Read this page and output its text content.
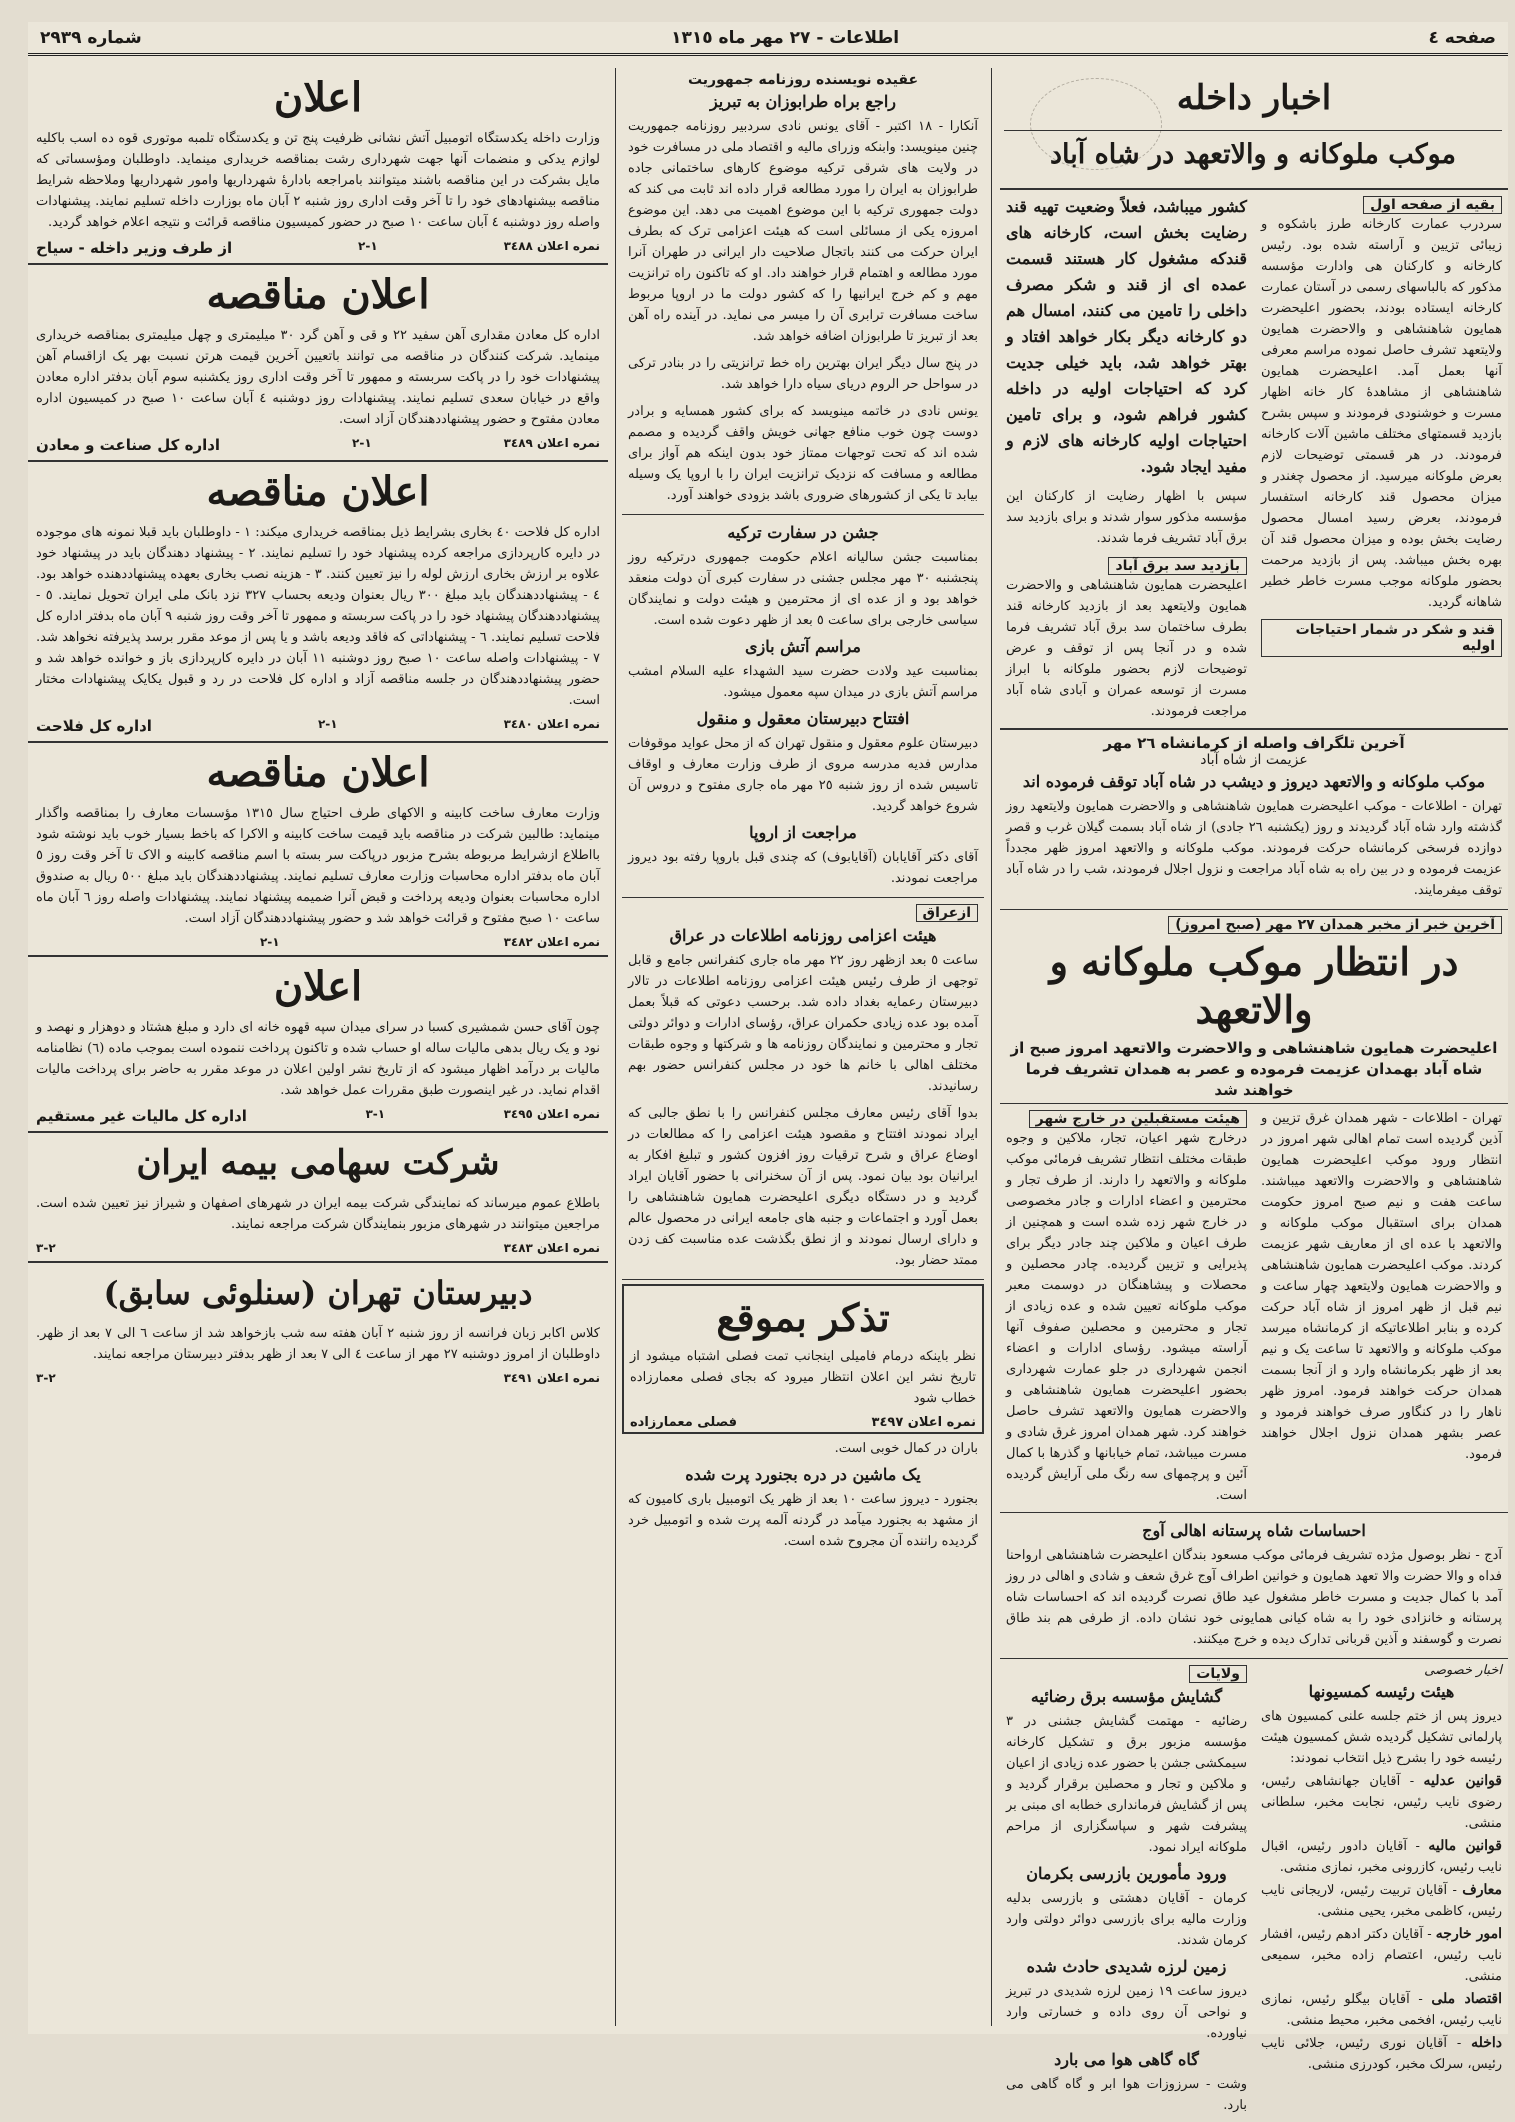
صفحه ٤
اطلاعات - ٢٧ مهر ماه ١٣١٥
شماره ٢٩٣٩
اخبار داخله
موکب ملوکانه و والاتعهد در شاه آباد
بقیه از صفحه اول

سردرب عمارت کارخانه طرز باشکوه و زیبائی تزیین و آراسته شده بود. رئیس کارخانه و کارکنان هی وادارت مؤسسه مذکور که بالباسهای رسمی در آستان عمارت کارخانه ایستاده بودند، بحضور اعلیحضرت همایون شاهنشاهی و والاحضرت همایون ولایتعهد تشرف حاصل نموده مراسم معرفی آنها بعمل آمد. اعلیحضرت همایون شاهنشاهی از مشاهدهٔ کار خانه اظهار مسرت و خوشنودی فرمودند و سپس بشرح بازدید قسمتهای مختلف ماشین آلات کارخانه فرمودند. در هر قسمتی توضیحات لازم بعرض ملوکانه میرسید. از محصول چغندر و میزان محصول قند کارخانه استفسار فرمودند، بعرض رسید امسال محصول رضایت بخش بوده و میزان محصول قند آن بهره بخش میباشد. پس از بازدید مرحمت بحضور ملوکانه موجب مسرت خاطر خطیر شاهانه گردید.

قند و شکر در شمار احتیاجات اولیه

کشور میباشد، فعلاً وضعیت تهیه قند رضایت بخش است، کارخانه های قندکه مشغول کار هستند قسمت عمده ای از قند و شکر مصرف داخلی را تامین می کنند، امسال هم دو کارخانه دیگر بکار خواهد افتاد و بهتر خواهد شد، باید خیلی جدیت کرد که احتیاجات اولیه در داخله کشور فراهم شود، و برای تامین احتیاجات اولیه کارخانه های لازم و مفید ایجاد شود.

سپس با اظهار رضایت از کارکنان این مؤسسه مذکور سوار شدند و برای بازدید سد برق آباد تشریف فرما شدند.

بازدید سد برق آباد

اعلیحضرت همایون شاهنشاهی و والاحضرت همایون ولایتعهد بعد از بازدید کارخانه قند بطرف ساختمان سد برق آباد تشریف فرما شده و در آنجا پس از توقف و عرض توضیحات لازم بحضور ملوکانه با ابراز مسرت از توسعه عمران و آبادی شاه آباد مراجعت فرمودند.

آخرین تلگراف واصله از کرمانشاه ٢٦ مهر
عزیمت از شاه آباد
موکب ملوکانه و والاتعهد دیروز و دیشب در شاه آباد توقف فرموده اند

تهران - اطلاعات - موکب اعلیحضرت همایون شاهنشاهی و والاحضرت همایون ولایتعهد روز گذشته وارد شاه آباد گردیدند و روز (یکشنبه ٢٦ جادی) از شاه آباد بسمت گیلان غرب و قصر دوازده فرسخی کرمانشاه حرکت فرمودند. موکب ملوکانه و والاتعهد امروز ظهر مجدداً عزیمت فرموده و در بین راه به شاه آباد مراجعت و نزول اجلال فرمودند، شب را در شاه آباد توقف میفرمایند.

آخرین خبر از مخبر همدان ٢٧ مهر (صبح امروز)
در انتظار موکب ملوکانه و والاتعهد
اعلیحضرت همایون شاهنشاهی و والاحضرت والاتعهد امروز صبح از شاه آباد بهمدان عزیمت فرموده و عصر به همدان تشریف فرما خواهند شد

تهران - اطلاعات - شهر همدان غرق تزیین و آذین گردیده است تمام اهالی شهر امروز در انتظار ورود موکب اعلیحضرت همایون شاهنشاهی و والاحضرت والاتعهد میباشند. ساعت هفت و نیم صبح امروز حکومت همدان برای استقبال موکب ملوکانه و والاتعهد با عده ای از معاریف شهر عزیمت کردند. موکب اعلیحضرت همایون شاهنشاهی و والاحضرت همایون ولایتعهد چهار ساعت و نیم قبل از ظهر امروز از شاه آباد حرکت کرده و بنابر اطلاعاتیکه از کرمانشاه میرسد موکب ملوکانه و والاتعهد تا ساعت یک و نیم بعد از ظهر بکرمانشاه وارد و از آنجا بسمت همدان حرکت خواهند فرمود. امروز ظهر ناهار را در کنگاور صرف خواهند فرمود و عصر بشهر همدان نزول اجلال خواهند فرمود.

هیئت مستقبلین در خارج شهر

درخارج شهر اعیان، تجار، ملاکین و وجوه طبقات مختلف انتظار تشریف فرمائی موکب ملوکانه و والاتعهد را دارند. از طرف تجار و محترمین و اعضاء ادارات و جادر مخصوصی در خارج شهر زده شده است و همچنین از طرف اعیان و ملاکین چند جادر دیگر برای پذیرایی و تزیین گردیده. چادر محصلین و محصلات و پیشاهنگان در دوسمت معبر موکب ملوکانه تعیین شده و عده زیادی از تجار و محترمین و محصلین صفوف آنها آراسته میشود. رؤسای ادارات و اعضاء انجمن شهرداری در جلو عمارت شهرداری بحضور اعلیحضرت همایون شاهنشاهی و والاحضرت همایون والاتعهد تشرف حاصل خواهند کرد. شهر همدان امروز غرق شادی و مسرت میباشد، تمام خیابانها و گذرها با کمال آئین و پرچمهای سه رنگ ملی آرایش گردیده است.

احساسات شاه پرستانه اهالی آوج

آدج - نظر بوصول مژده تشریف فرمائی موکب مسعود بندگان اعلیحضرت شاهنشاهی ارواحنا فداه و والا حضرت والا تعهد همایون و خوانین اطراف آوج غرق شعف و شادی و اهالی در روز آمد با کمال جدیت و مسرت خاطر مشغول عید طاق نصرت گردیده اند که احساسات شاه پرستانه و خانزادی خود را به شاه کیانی همایونی خود نشان داده. از طرفی هم بند طاق نصرت و گوسفند و آذین قربانی تدارک دیده و خرج میکنند.

اخبار خصوصی
هیئت رئیسه کمسیونها

دیروز پس از ختم جلسه علنی کمسیون های پارلمانی تشکیل گردیده شش کمسیون هیئت رئیسه خود را بشرح ذیل انتخاب نمودند:

قوانین عدلیه - آقایان جهانشاهی رئیس، رضوی نایب رئیس، نجابت مخبر، سلطانی منشی.

قوانین مالیه - آقایان دادور رئیس، اقبال نایب رئیس، کازرونی مخبر، نمازی منشی.

معارف - آقایان تربیت رئیس، لاریجانی نایب رئیس، کاظمی مخبر، یحیی منشی.

امور خارجه - آقایان دکتر ادهم رئیس، افشار نایب رئیس، اعتصام زاده مخبر، سمیعی منشی.

اقتصاد ملی - آقایان بیگلو رئیس، نمازی نایب رئیس، افخمی مخبر، محیط منشی.

داخله - آقایان نوری رئیس، جلائی نایب رئیس، سرلک مخبر، کودرزی منشی.

ولایات
گشایش مؤسسه برق رضائیه

رضائیه - مهتمت گشایش جشنی در ٣ مؤسسه مزبور برق و تشکیل کارخانه سیمکشی جشن با حضور عده زیادی از اعیان و ملاکین و تجار و محصلین برقرار گردید و پس از گشایش فرمانداری خطابه ای مبنی بر پیشرفت شهر و سپاسگزاری از مراحم ملوکانه ایراد نمود.

ورود مأمورین بازرسی بکرمان

کرمان - آقایان دهشتی و بازرسی بدلیه وزارت مالیه برای بازرسی دوائر دولتی وارد کرمان شدند.

زمین لرزه شدیدی حادث شده

دیروز ساعت ١٩ زمین لرزه شدیدی در تبریز و نواحی آن روی داده و خسارتی وارد نیاورده.

گاه گاهی هوا می بارد

وشت - سرزوزات هوا ابر و گاه گاهی می بارد.

عقیده نویسنده روزنامه جمهوریت
راجع براه طرابوزان به تبریز

آنکارا - ١٨ اکتبر - آقای یونس نادی سردبیر روزنامه جمهوریت چنین مینویسد: وابنکه وزرای مالیه و اقتصاد ملی در مسافرت خود در ولایت های شرقی ترکیه موضوع کارهای ساختمانی جاده طرابوزان به ایران را مورد مطالعه قرار داده اند ثابت می کند که دولت جمهوری ترکیه با این موضوع اهمیت می دهد. این موضوع امروزه یکی از مسائلی است که هیئت اعزامی ترک که بطرف ایران حرکت می کنند باتجال صلاحیت دار ایرانی در طهران آنرا مورد مطالعه و اهتمام قرار خواهند داد. او که تاکنون راه ترانزیت مهم و کم خرج ایرانیها را که کشور دولت ما در اروپا مربوط ساخت مسافرت ترابری آن را میسر می نماید. در آینده راه آهن بعد از تبریز تا طرابوزان اضافه خواهد شد.

در پنج سال دیگر ایران بهترین راه خط ترانزیتی را در بنادر ترکی در سواحل حر الروم دریای سیاه دارا خواهد شد.

یونس نادی در خاتمه مینویسد که برای کشور همسایه و برادر دوست چون خوب منافع جهانی خویش واقف گردیده و مصمم شده اند که تحت توجهات ممتاز خود بدون اینکه هم آواز برای مطالعه و مسافت که نزدیک ترانزیت ایران را با اروپا یک وسیله بیابد تا یکی از کشورهای ضروری باشد بزودی خواهند آورد.

جشن در سفارت ترکیه

بمناسبت جشن سالیانه اعلام حکومت جمهوری درترکیه روز پنجشنبه ٣٠ مهر مجلس جشنی در سفارت کبری آن دولت منعقد خواهد بود و از عده ای از محترمین و هیئت دولت و نمایندگان سیاسی خارجی برای ساعت ٥ بعد از ظهر دعوت شده است.

مراسم آتش بازی

بمناسبت عید ولادت حضرت سید الشهداء علیه السلام امشب مراسم آتش بازی در میدان سپه معمول میشود.

افتتاح دبیرستان معقول و منقول

دبیرستان علوم معقول و منقول تهران که از محل عواید موقوفات مدارس فدیه مدرسه مروی از طرف وزارت معارف و اوقاف تاسیس شده از روز شنبه ٢٥ مهر ماه جاری مفتوح و دروس آن شروع خواهد گردید.

مراجعت از اروپا

آقای دکتر آقایابان (آقایابوف) که چندی قبل باروپا رفته بود دیروز مراجعت نمودند.

ازعراق
هیئت اعزامی روزنامه اطلاعات در عراق

ساعت ٥ بعد ازظهر روز ٢٢ مهر ماه جاری کنفرانس جامع و قابل توجهی از طرف رئیس هیئت اعزامی روزنامه اطلاعات در تالار دبیرستان رعمایه بغداد داده شد. برحسب دعوتی که قبلاً بعمل آمده بود عده زیادی حکمران عراق، رؤسای ادارات و دوائر دولتی تجار و محترمین و نمایندگان روزنامه ها و شرکتها و وجوه طبقات مختلف اهالی با خانم ها خود در مجلس کنفرانس حضور بهم رسانیدند.

بدوا آقای رئیس معارف مجلس کنفرانس را با نطق جالبی که ایراد نمودند افتتاح و مقصود هیئت اعزامی را که مطالعات در اوضاع عراق و شرح ترقیات روز افزون کشور و تبلیغ افکار به ایرانیان بود بیان نمود. پس از آن سخنرانی با حضور آقایان ایراد گردید و در دستگاه دیگری اعلیحضرت همایون شاهنشاهی را بعمل آورد و اجتماعات و جنبه های جامعه ایرانی در محصول عالم و دارای ارسال نمودند و از نطق بگذشت عده مناسبت کف زدن ممتد حضار بود.

تذکر بموقع

نظر باینکه درمام فامیلی اینجانب تمت فصلی اشتباه میشود از تاریخ نشر این اعلان انتظار میرود که بجای فصلی معمارزاده خطاب شود

نمره اعلان ٣٤٩٧
فصلی معمارزاده

باران در کمال خوبی است.

یک ماشین در دره بجنورد پرت شده

بجنورد - دیروز ساعت ١٠ بعد از ظهر یک اتومبیل باری کامیون که از مشهد به بجنورد میآمد در گردنه آلمه پرت شده و اتومبیل خرد گردیده راننده آن مجروح شده است.

اعلان

وزارت داخله یکدستگاه اتومبیل آتش نشانی ظرفیت پنج تن و یکدستگاه تلمبه موتوری قوه ده اسب باکلیه لوازم یدکی و منضمات آنها جهت شهرداری رشت بمناقصه خریداری مینماید. داوطلبان ومؤسساتی که مایل بشرکت در این مناقصه باشند میتوانند بامراجعه بادارهٔ شهرداریها وامور شهرداریها وملاحظه شرایط مناقصه بیشنهادهای خود را تا آخر وقت اداری روز شنبه ٢ آبان ماه بوزارت داخله تسلیم نمایند. پیشنهادات واصله روز دوشنبه ٤ آبان ساعت ١٠ صبح در حضور کمیسیون مناقصه قرائت و نتیجه اعلام خواهد گردید.

نمره اعلان ٣٤٨٨
١-٢
از طرف وزیر داخله - سیاح
اعلان مناقصه

اداره کل معادن مقداری آهن سفید ٢٢ و قی و آهن گرد ٣٠ میلیمتری و چهل میلیمتری بمناقصه خریداری مینماید. شرکت کنندگان در مناقصه می توانند باتعیین آخرین قیمت هرتن نسبت بهر یک ازاقسام آهن پیشنهادات خود را در پاکت سربسته و ممهور تا آخر وقت اداری روز یکشنبه سوم آبان بدفتر اداره معادن واقع در خیابان سعدی تسلیم نمایند. پیشنهادات روز دوشنبه ٤ آبان ساعت ١٠ صبح در کمیسیون اداره معادن مفتوح و حضور پیشنهاددهندگان آزاد است.

نمره اعلان ٣٤٨٩
١-٢
اداره کل صناعت و معادن
اعلان مناقصه

اداره کل فلاحت ٤٠ بخاری بشرایط ذیل بمناقصه خریداری میکند: ١ - داوطلبان باید قبلا نمونه های موجوده در دایره کارپردازی مراجعه کرده پیشنهاد خود را تسلیم نمایند. ٢ - پیشنهاد دهندگان باید در پیشنهاد خود علاوه بر ارزش بخاری ارزش لوله را نیز تعیین کنند. ٣ - هزینه نصب بخاری بعهده پیشنهاددهنده خواهد بود. ٤ - پیشنهاددهندگان باید مبلغ ٣٠٠ ریال بعنوان ودیعه بحساب ٣٢٧ نزد بانک ملی ایران تحویل نمایند. ٥ - پیشنهاددهندگان پیشنهاد خود را در پاکت سربسته و ممهور تا آخر وقت روز شنبه ٩ آبان ماه بدفتر اداره کل فلاحت تسلیم نمایند. ٦ - پیشنهاداتی که فاقد ودیعه باشد و یا پس از موعد مقرر برسد پذیرفته نخواهد شد. ٧ - پیشنهادات واصله ساعت ١٠ صبح روز دوشنبه ١١ آبان در دایره کارپردازی باز و خوانده خواهد شد و حضور پیشنهاددهندگان در جلسه مناقصه آزاد و اداره کل فلاحت در رد و قبول یکایک پیشنهادات مختار است.

نمره اعلان ٣٤٨٠
١-٢
اداره کل فلاحت
اعلان مناقصه

وزارت معارف ساخت کابینه و الاکهای طرف احتیاج سال ١٣١٥ مؤسسات معارف را بمناقصه واگذار مینماید: طالبین شرکت در مناقصه باید قیمت ساخت کابینه و الاکرا که باخط بسیار خوب باید نوشته شود بااطلاع ازشرایط مربوطه بشرح مزبور درپاکت سر بسته با اسم مناقصه کابینه و الاک تا آخر وقت روز ٥ آبان ماه بدفتر اداره محاسبات وزارت معارف تسلیم نمایند. پیشنهاددهندگان باید مبلغ ٥٠٠ ریال به صندوق اداره محاسبات بعنوان ودیعه پرداخت و قبض آنرا ضمیمه پیشنهاد نمایند. پیشنهادات واصله روز ٦ آبان ماه ساعت ١٠ صبح مفتوح و قرائت خواهد شد و حضور پیشنهاددهندگان آزاد است.

نمره اعلان ٣٤٨٢
١-٢
اعلان

چون آقای حسن شمشیری کسبا در سرای میدان سپه قهوه خانه ای دارد و مبلغ هشتاد و دوهزار و نهصد و نود و یک ریال بدهی مالیات ساله او حساب شده و تاکنون پرداخت ننموده است بموجب ماده (٦) نظامنامه مالیات بر درآمد اظهار میشود که از تاریخ نشر اولین اعلان در موعد مقرر به حاضر برای پرداخت مالیات اقدام نماید. در غیر اینصورت طبق مقررات عمل خواهد شد.

نمره اعلان ٣٤٩٥
١-٣
اداره کل مالیات غیر مستقیم
شرکت سهامی بیمه ایران

باطلاع عموم میرساند که نمایندگی شرکت بیمه ایران در شهرهای اصفهان و شیراز نیز تعیین شده است. مراجعین میتوانند در شهرهای مزبور بنمایندگان شرکت مراجعه نمایند.

نمره اعلان ٣٤٨٣
٢-٣
دبیرستان تهران (سنلوئی سابق)

کلاس اکابر زبان فرانسه از روز شنبه ٢ آبان هفته سه شب بازخواهد شد از ساعت ٦ الی ٧ بعد از ظهر. داوطلبان از امروز دوشنبه ٢٧ مهر از ساعت ٤ الی ٧ بعد از ظهر بدفتر دبیرستان مراجعه نمایند.

نمره اعلان ٣٤٩١
٢-٣
